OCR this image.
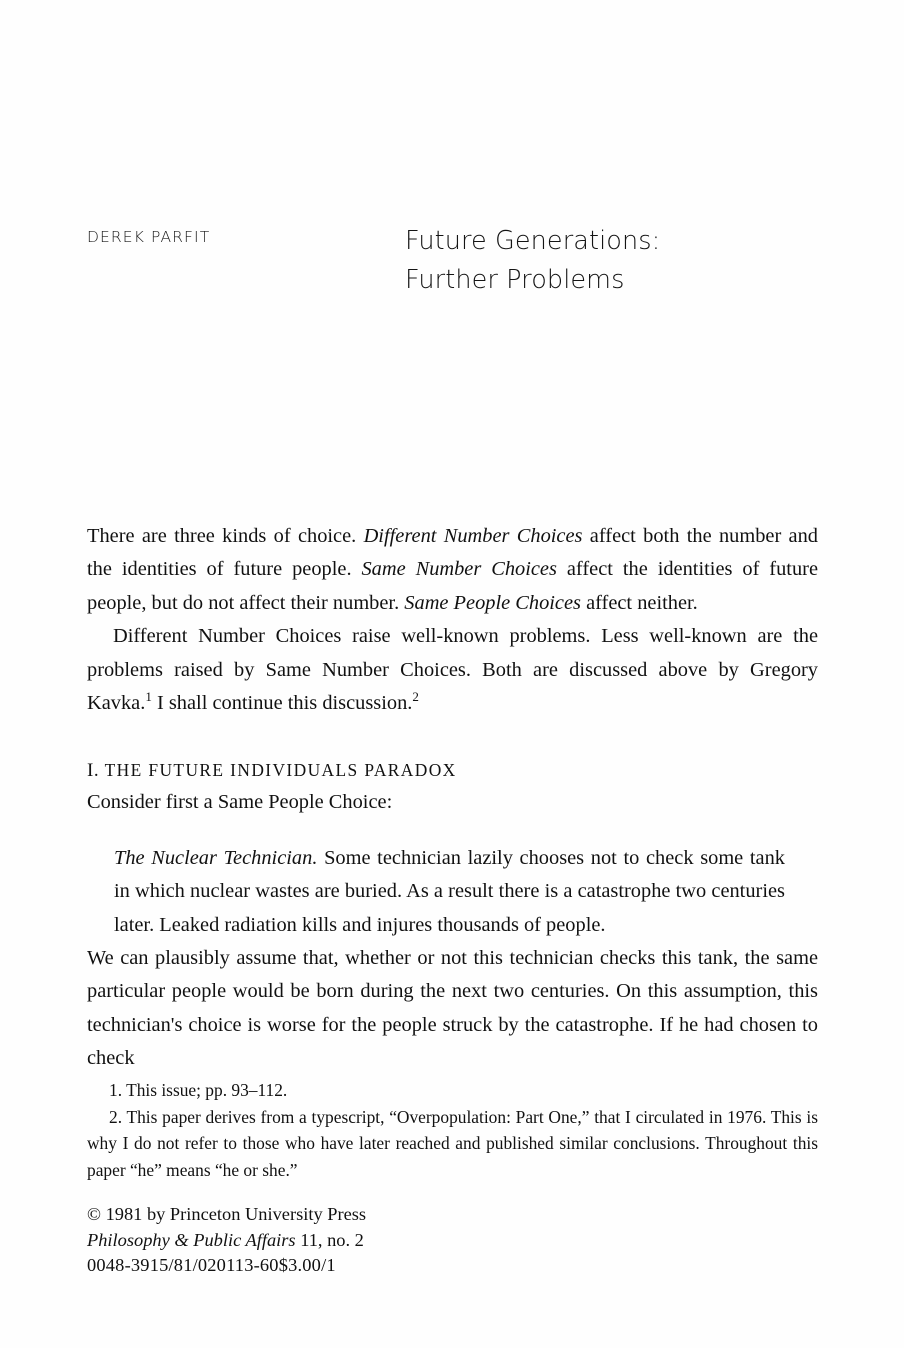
DEREK PARFIT	Future Generations:
Further Problems

There are three kinds of choice. Different Number Choices affect both the number and the identities of future people. Same Number Choices affect the identities of future people, but do not affect their number. Same People Choices affect neither.

Different Number Choices raise well-known problems. Less well-known are the problems raised by Same Number Choices. Both are discussed above by Gregory Kavka.$^1$ I shall continue this discussion.$^2$

I. THE FUTURE INDIVIDUALS PARADOX

Consider first a Same People Choice:

The Nuclear Technician. Some technician lazily chooses not to check some tank in which nuclear wastes are buried. As a result there is a catastrophe two centuries later. Leaked radiation kills and injures thousands of people.

We can plausibly assume that, whether or not this technician checks this tank, the same particular people would be born during the next two centuries. On this assumption, this technician's choice is worse for the people struck by the catastrophe. If he had chosen to check

1. This issue; pp. 93–112.

2. This paper derives from a typescript, “Overpopulation: Part One,” that I circulated in 1976. This is why I do not refer to those who have later reached and published similar conclusions. Throughout this paper “he” means “he or she.”

© 1981 by Princeton University Press
Philosophy & Public Affairs 11, no. 2
0048-3915/81/020113-60$3.00/1
